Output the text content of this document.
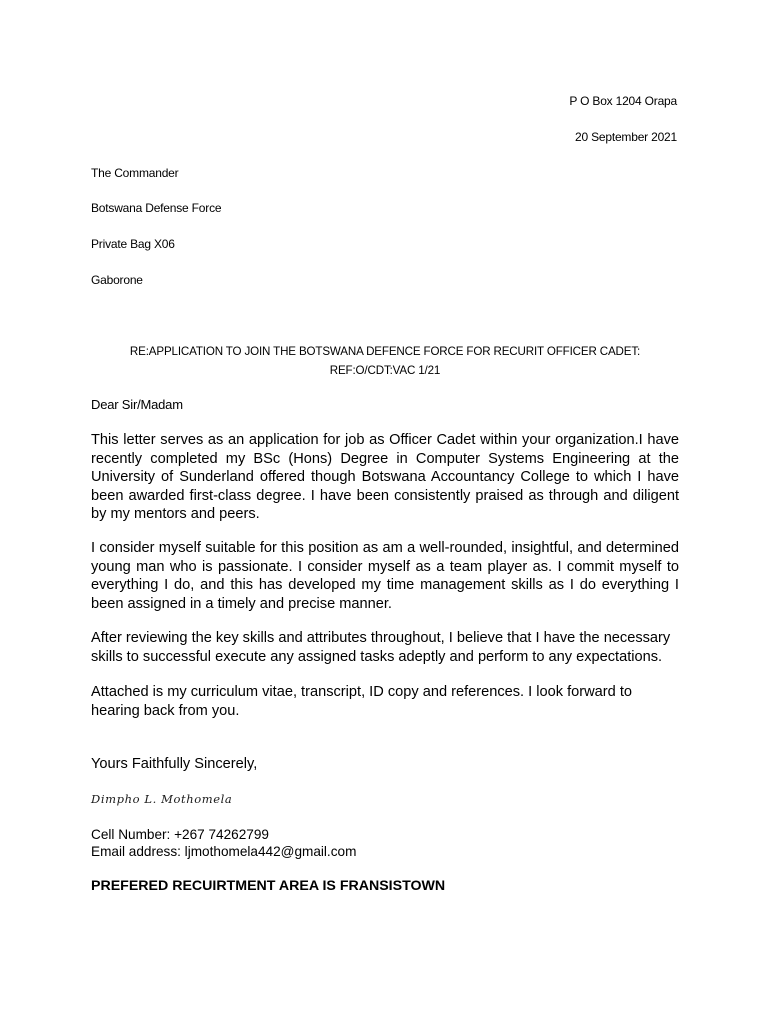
P O Box 1204 Orapa
20 September 2021
The Commander
Botswana Defense Force
Private Bag X06
Gaborone
RE:APPLICATION TO JOIN THE BOTSWANA DEFENCE FORCE FOR RECURIT OFFICER CADET:
REF:O/CDT:VAC 1/21
Dear Sir/Madam

This letter serves as an application for job as Officer Cadet within your organization.I have recently completed my BSc (Hons) Degree in Computer Systems Engineering at the University of Sunderland offered though Botswana Accountancy College to which I have been awarded first-class degree. I have been consistently praised as through and diligent by my mentors and peers.

I consider myself suitable for this position as am a well-rounded, insightful, and determined young man who is passionate. I consider myself as a team player as. I commit myself to everything I do, and this has developed my time management skills as I do everything I been assigned in a timely and precise manner.

After reviewing the key skills and attributes throughout, I believe that I have the necessary skills to successful execute any assigned tasks adeptly and perform to any expectations.

Attached is my curriculum vitae, transcript, ID copy and references. I look forward to hearing back from you.

Yours Faithfully Sincerely,
Dimpho L. Mothomela
Cell Number: +267 74262799
Email address: ljmothomela442@gmail.com
PREFERED RECUIRTMENT AREA IS FRANSISTOWN
